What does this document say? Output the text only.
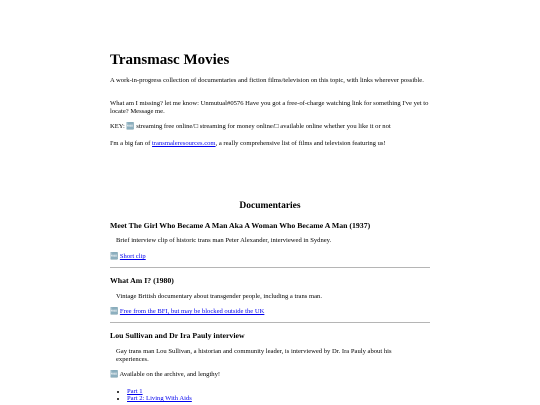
Transmasc Movies

A work-in-progress collection of documentaries and fiction films/television on this topic, with links wherever possible.

What am I missing? let me know: Unmutual#0576 Have you got a free-of-charge watching link for something I've yet to locate? Message me.

KEY: 🆓 streaming free online/□ streaming for money online/□ available online whether you like it or not

I'm a big fan of transmaleresources.com, a really comprehensive list of films and television featuring us!

Documentaries
Meet The Girl Who Became A Man Aka A Woman Who Became A Man (1937)

Brief interview clip of historic trans man Peter Alexander, interviewed in Sydney.

🆓 Short clip

What Am I? (1980)

Vintage British documentary about transgender people, including a trans man.

🆓 Free from the BFI, but may be blocked outside the UK

Lou Sullivan and Dr Ira Pauly interview

Gay trans man Lou Sullivan, a historian and community leader, is interviewed by Dr. Ira Pauly about his experiences.

🆓 Available on the archive, and lengthy!

• Part 1
• Part 2: Living With Aids
